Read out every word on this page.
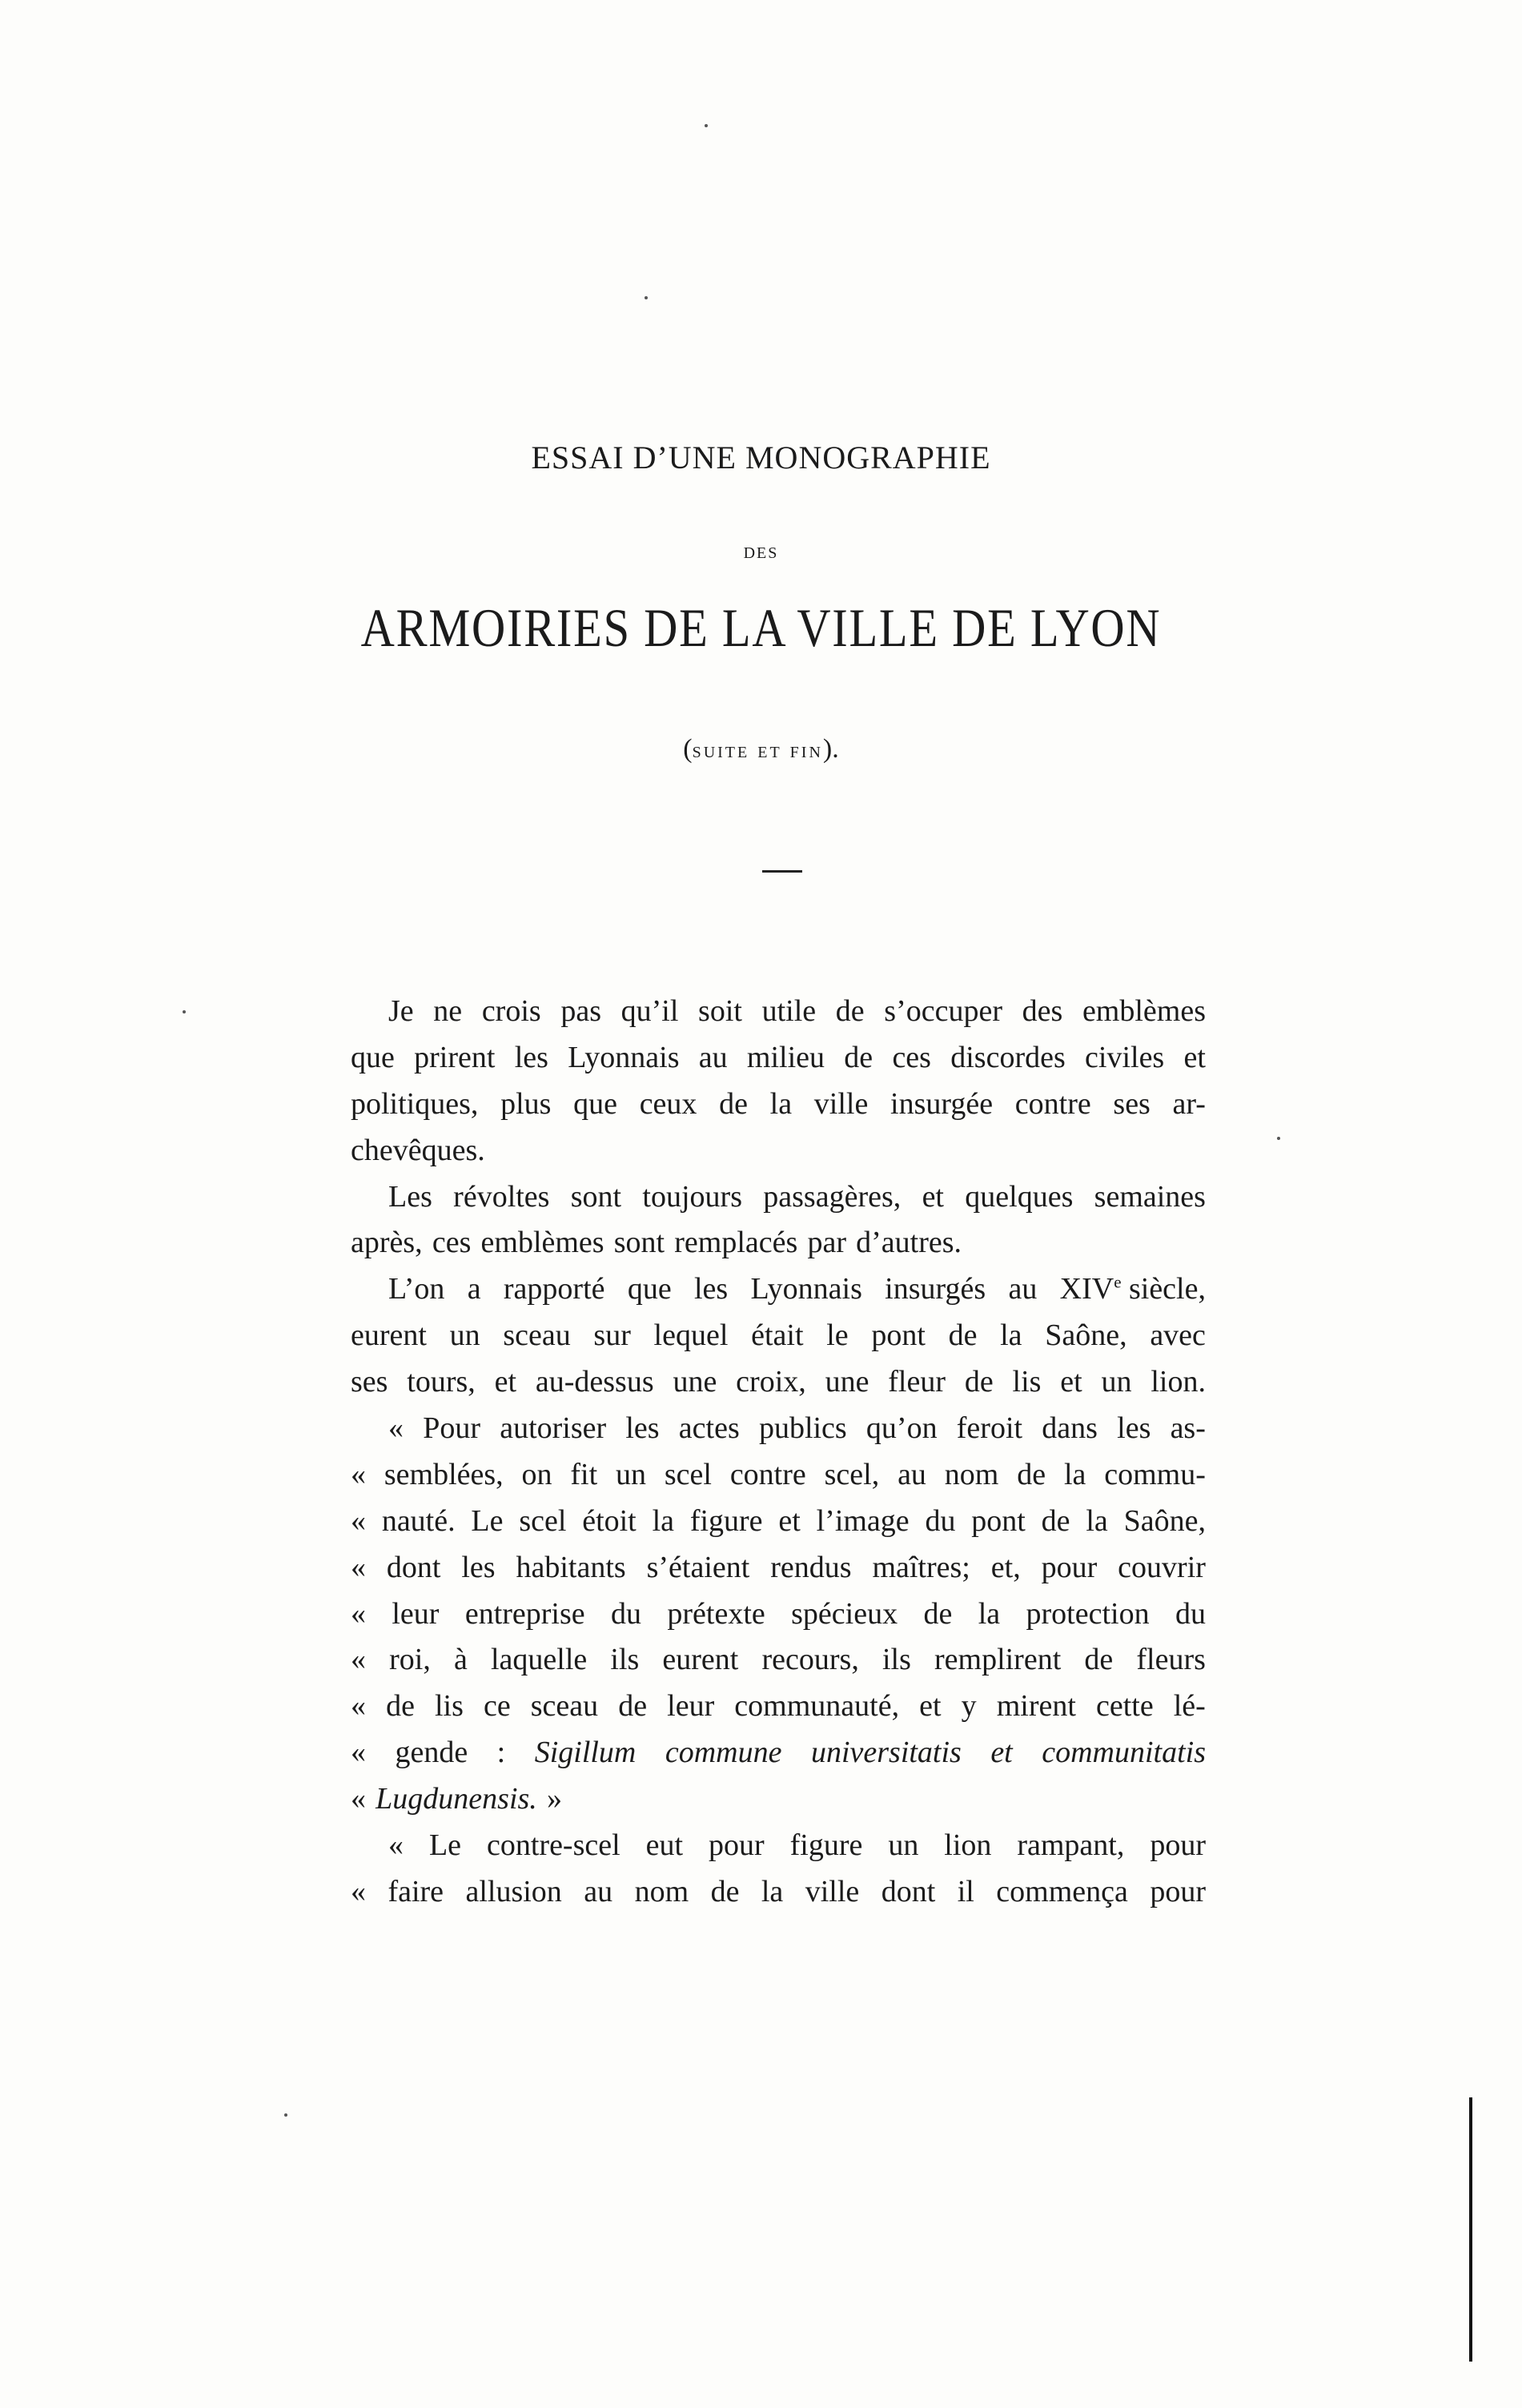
ESSAI D’UNE MONOGRAPHIE
DES
ARMOIRIES DE LA VILLE DE LYON
(suite et fin).
Je ne crois pas qu’il soit utile de s’occuper des emblèmes
que prirent les Lyonnais au milieu de ces discordes civiles et
politiques, plus que ceux de la ville insurgée contre ses ar-
chevêques.
Les révoltes sont toujours passagères, et quelques semaines
après, ces emblèmes sont remplacés par d’autres.
L’on a rapporté que les Lyonnais insurgés au XIVe siècle,
eurent un sceau sur lequel était le pont de la Saône, avec
ses tours, et au-dessus une croix, une fleur de lis et un lion.
« Pour autoriser les actes publics qu’on feroit dans les as-
« semblées, on fit un scel contre scel, au nom de la commu-
« nauté. Le scel étoit la figure et l’image du pont de la Saône,
« dont les habitants s’étaient rendus maîtres; et, pour couvrir
« leur entreprise du prétexte spécieux de la protection du
« roi, à laquelle ils eurent recours, ils remplirent de fleurs
« de lis ce sceau de leur communauté, et y mirent cette lé-
« gende : Sigillum commune universitatis et communitatis
« Lugdunensis. »
« Le contre-scel eut pour figure un lion rampant, pour
« faire allusion au nom de la ville dont il commença pour
